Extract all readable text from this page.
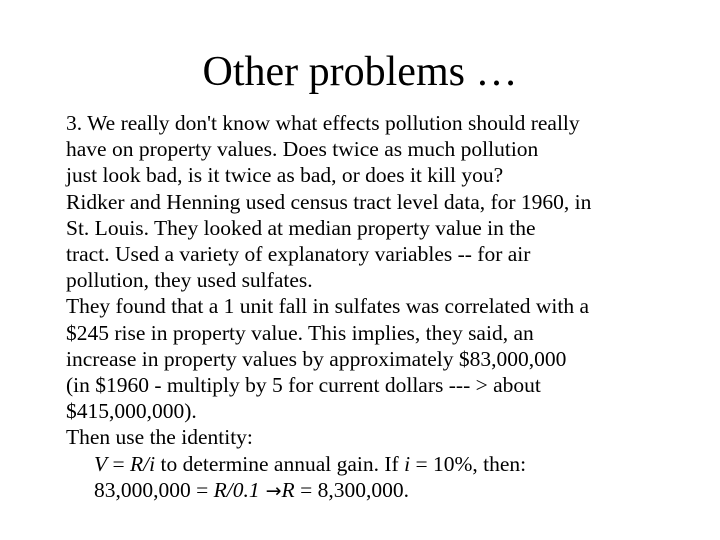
Other problems …

3. We really don't know what effects pollution should really
have on property values. Does twice as much pollution
just look bad, is it twice as bad, or does it kill you?

Ridker and Henning used census tract level data, for 1960, in
St. Louis. They looked at median property value in the
tract. Used a variety of explanatory variables -- for air
pollution, they used sulfates.

They found that a 1 unit fall in sulfates was correlated with a
$245 rise in property value. This implies, they said, an
increase in property values by approximately $83,000,000
(in $1960 - multiply by 5 for current dollars --- > about
$415,000,000).

Then use the identity:
V = R/i to determine annual gain. If i = 10%, then:
83,000,000 = R/0.1 →R = 8,300,000.
